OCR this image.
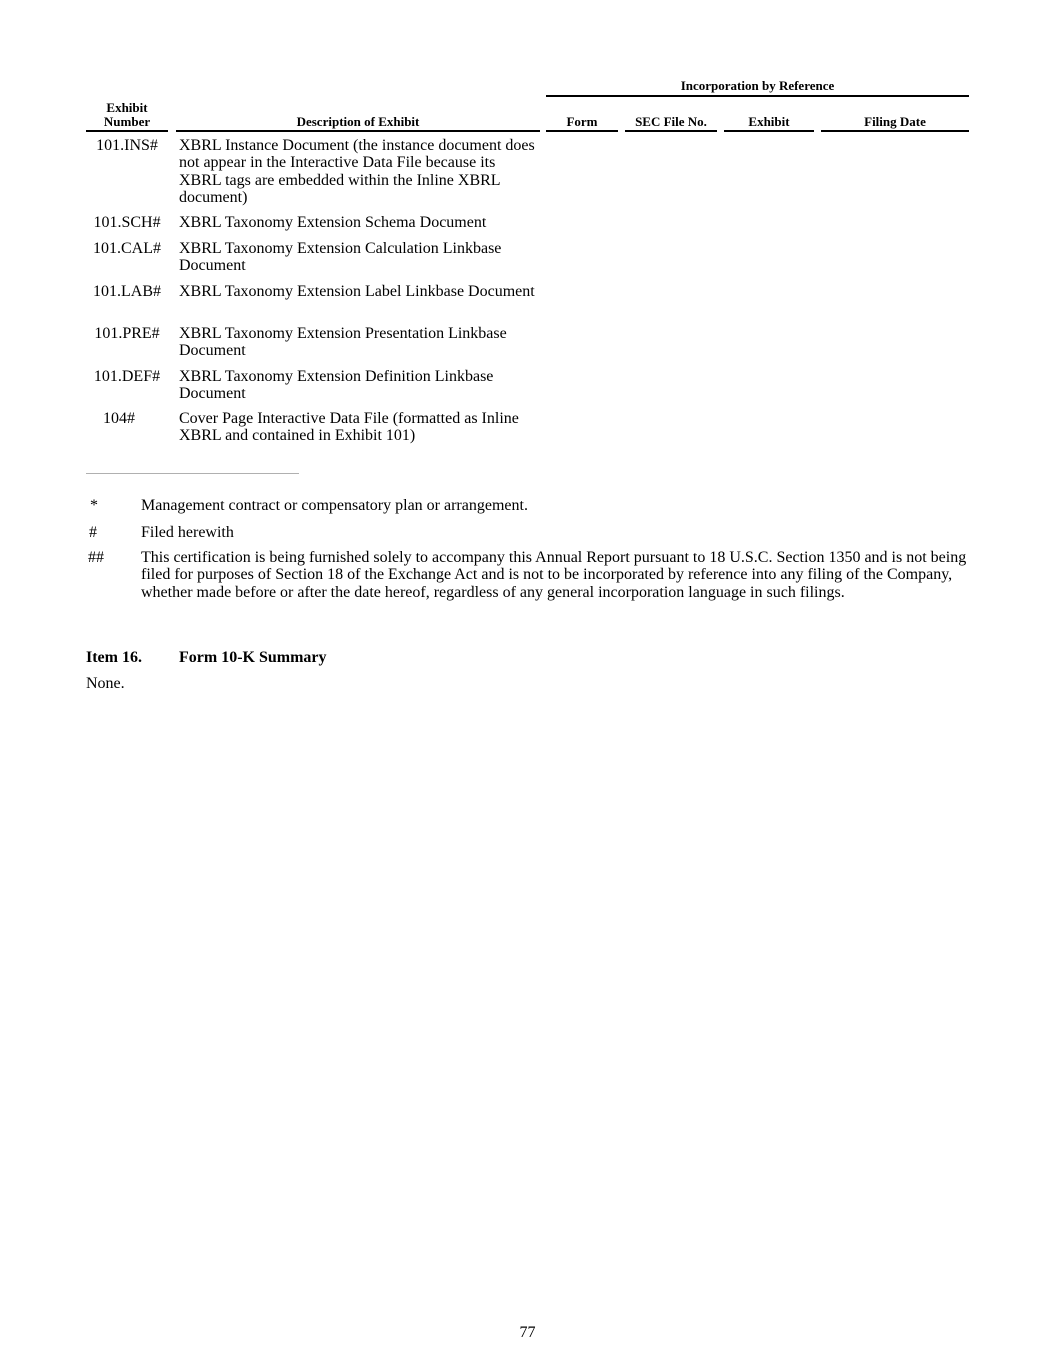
Incorporation by Reference
Exhibit
Number	Description of Exhibit	Form	SEC File No.	Exhibit	Filing Date
101.INS#	XBRL Instance Document (the instance document does not appear in the Interactive Data File because its XBRL tags are embedded within the Inline XBRL document)
101.SCH#	XBRL Taxonomy Extension Schema Document
101.CAL#	XBRL Taxonomy Extension Calculation Linkbase Document
101.LAB#	XBRL Taxonomy Extension Label Linkbase Document
101.PRE#	XBRL Taxonomy Extension Presentation Linkbase Document
101.DEF#	XBRL Taxonomy Extension Definition Linkbase Document
104#	Cover Page Interactive Data File (formatted as Inline XBRL and contained in Exhibit 101)
*	Management contract or compensatory plan or arrangement.
#	Filed herewith
##	This certification is being furnished solely to accompany this Annual Report pursuant to 18 U.S.C. Section 1350 and is not being filed for purposes of Section 18 of the Exchange Act and is not to be incorporated by reference into any filing of the Company, whether made before or after the date hereof, regardless of any general incorporation language in such filings.
Item 16. Form 10-K Summary
None.
77
